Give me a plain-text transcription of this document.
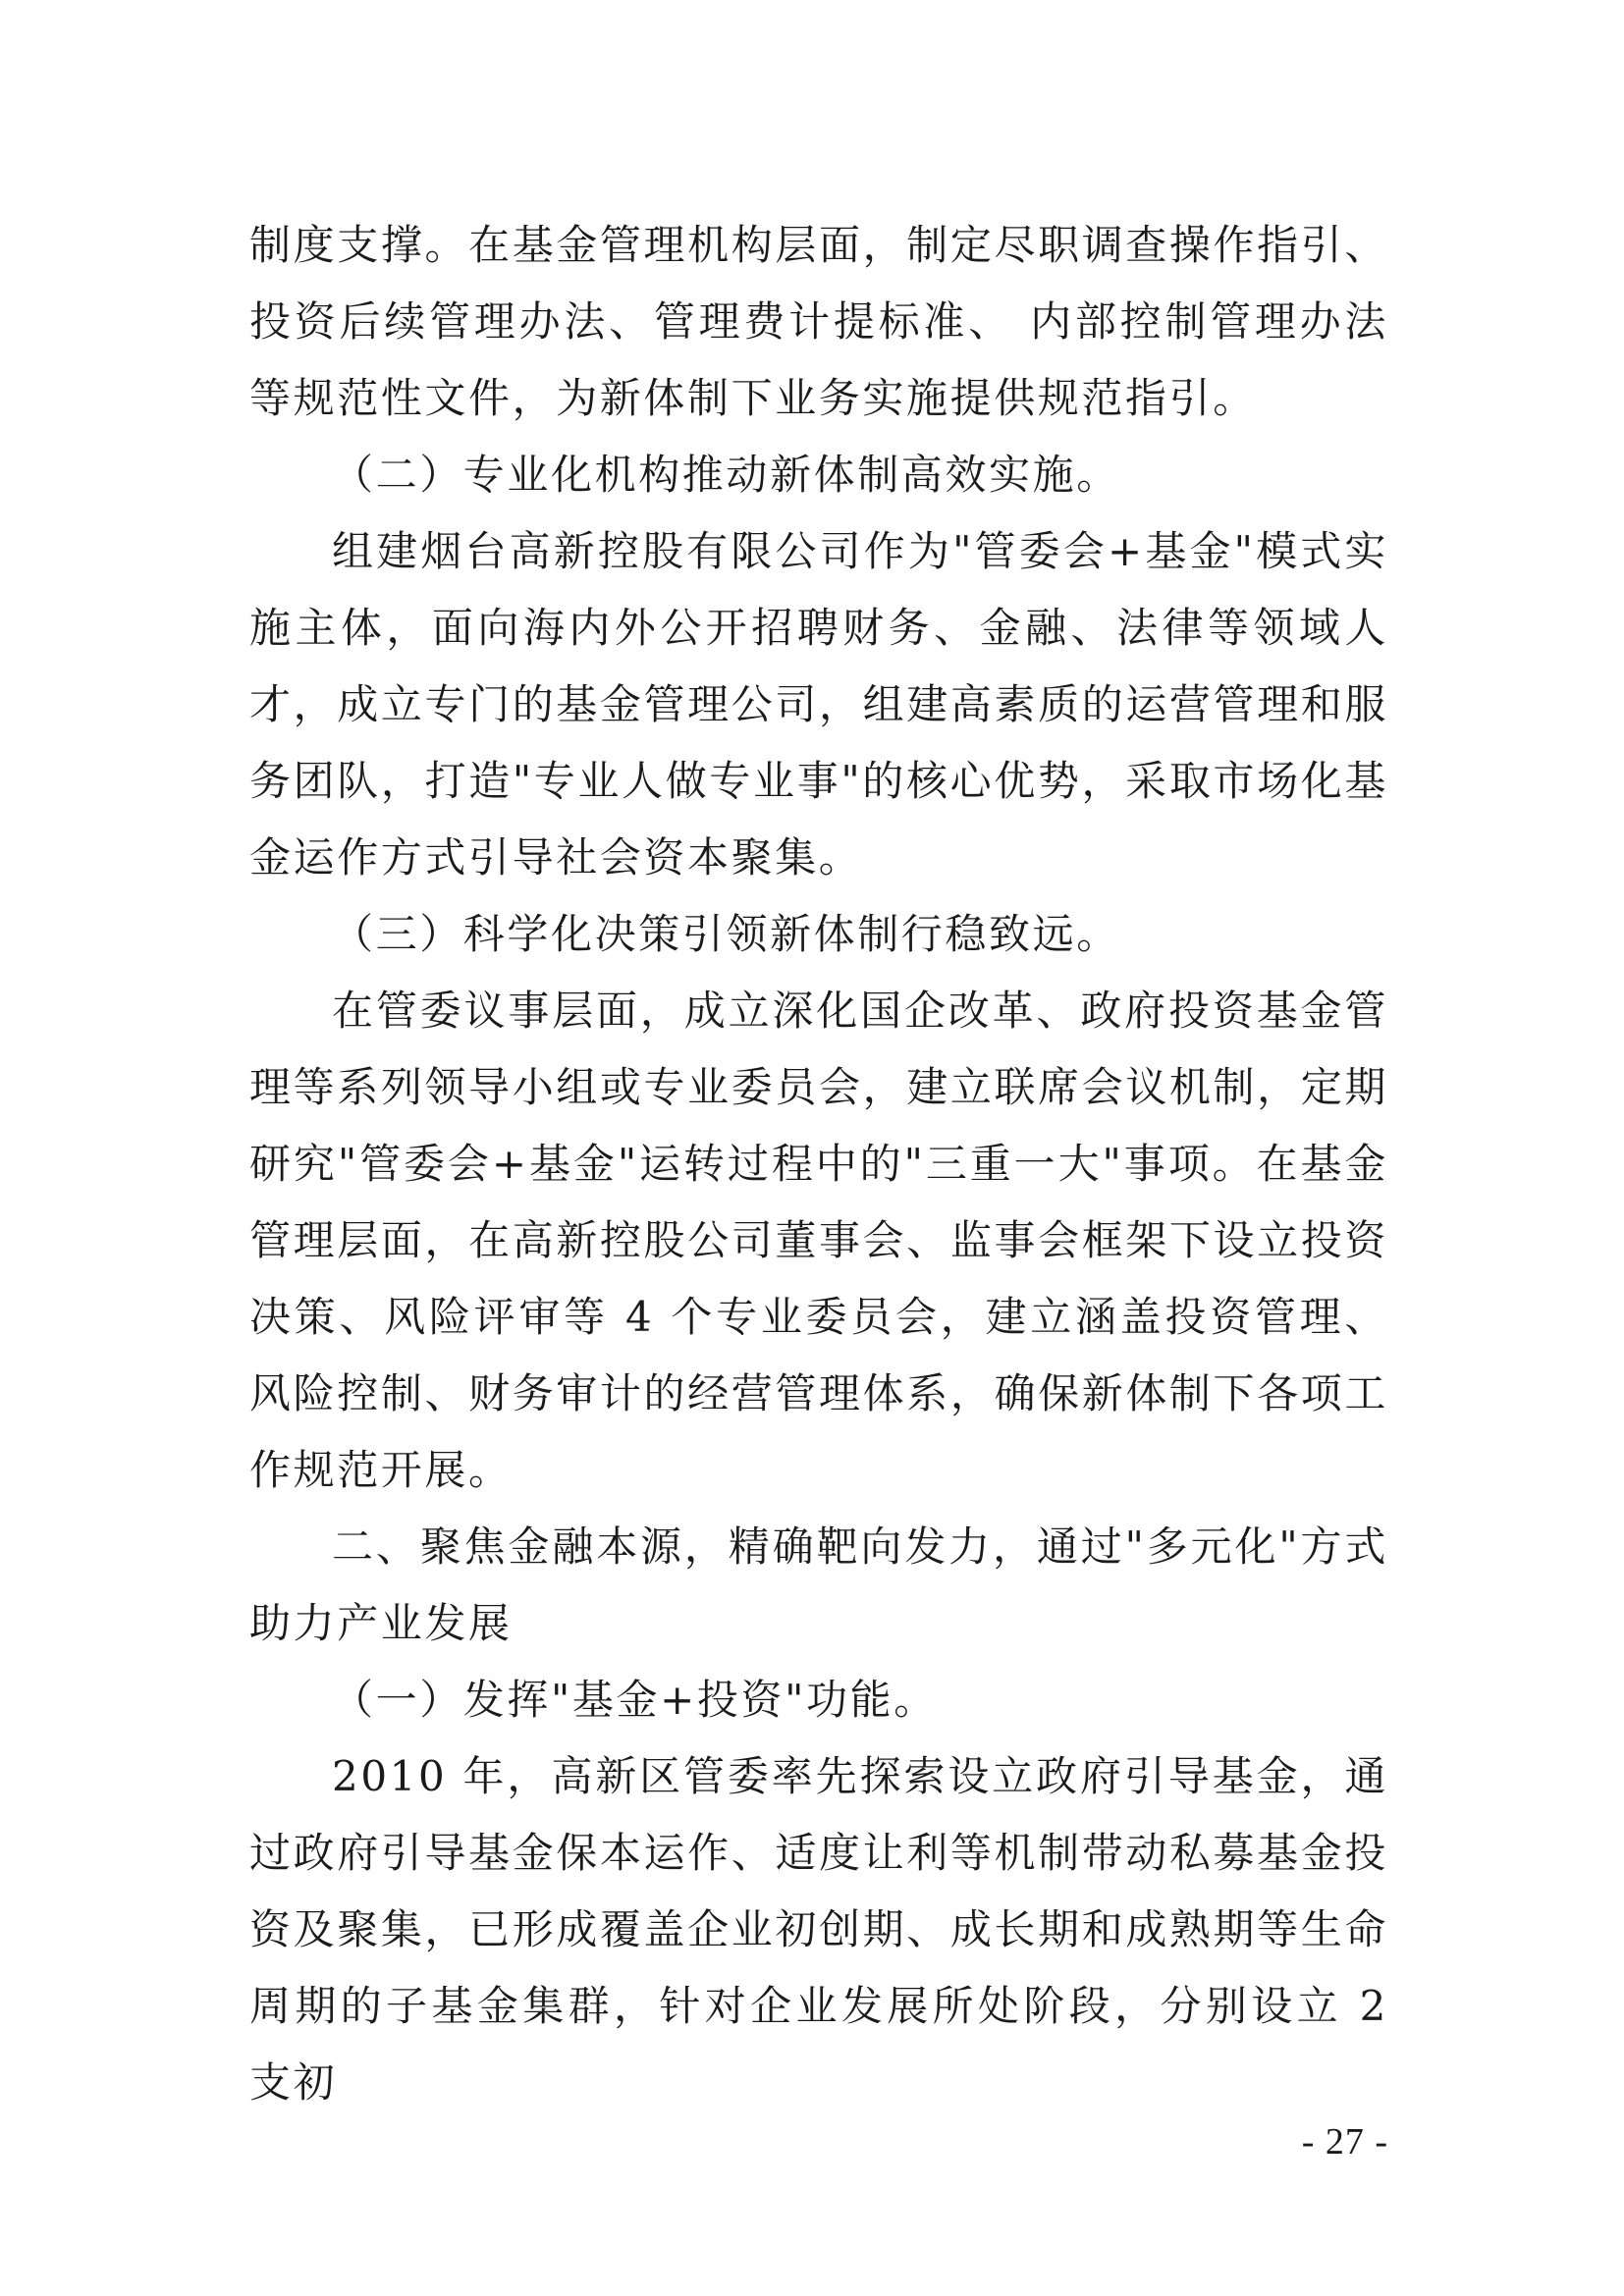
制度支撑。在基金管理机构层面，制定尽职调查操作指引、投资后续管理办法、管理费计提标准、 内部控制管理办法等规范性文件，为新体制下业务实施提供规范指引。

（二）专业化机构推动新体制高效实施。

组建烟台高新控股有限公司作为"管委会+基金"模式实施主体，面向海内外公开招聘财务、金融、法律等领域人才，成立专门的基金管理公司，组建高素质的运营管理和服务团队，打造"专业人做专业事"的核心优势，采取市场化基金运作方式引导社会资本聚集。

（三）科学化决策引领新体制行稳致远。

在管委议事层面，成立深化国企改革、政府投资基金管理等系列领导小组或专业委员会，建立联席会议机制，定期研究"管委会+基金"运转过程中的"三重一大"事项。在基金管理层面，在高新控股公司董事会、监事会框架下设立投资决策、风险评审等 4 个专业委员会，建立涵盖投资管理、风险控制、财务审计的经营管理体系，确保新体制下各项工作规范开展。

二、聚焦金融本源，精确靶向发力，通过"多元化"方式助力产业发展

（一）发挥"基金+投资"功能。

2010 年，高新区管委率先探索设立政府引导基金，通过政府引导基金保本运作、适度让利等机制带动私募基金投资及聚集，已形成覆盖企业初创期、成长期和成熟期等生命周期的子基金集群，针对企业发展所处阶段，分别设立 2 支初

- 27 -
